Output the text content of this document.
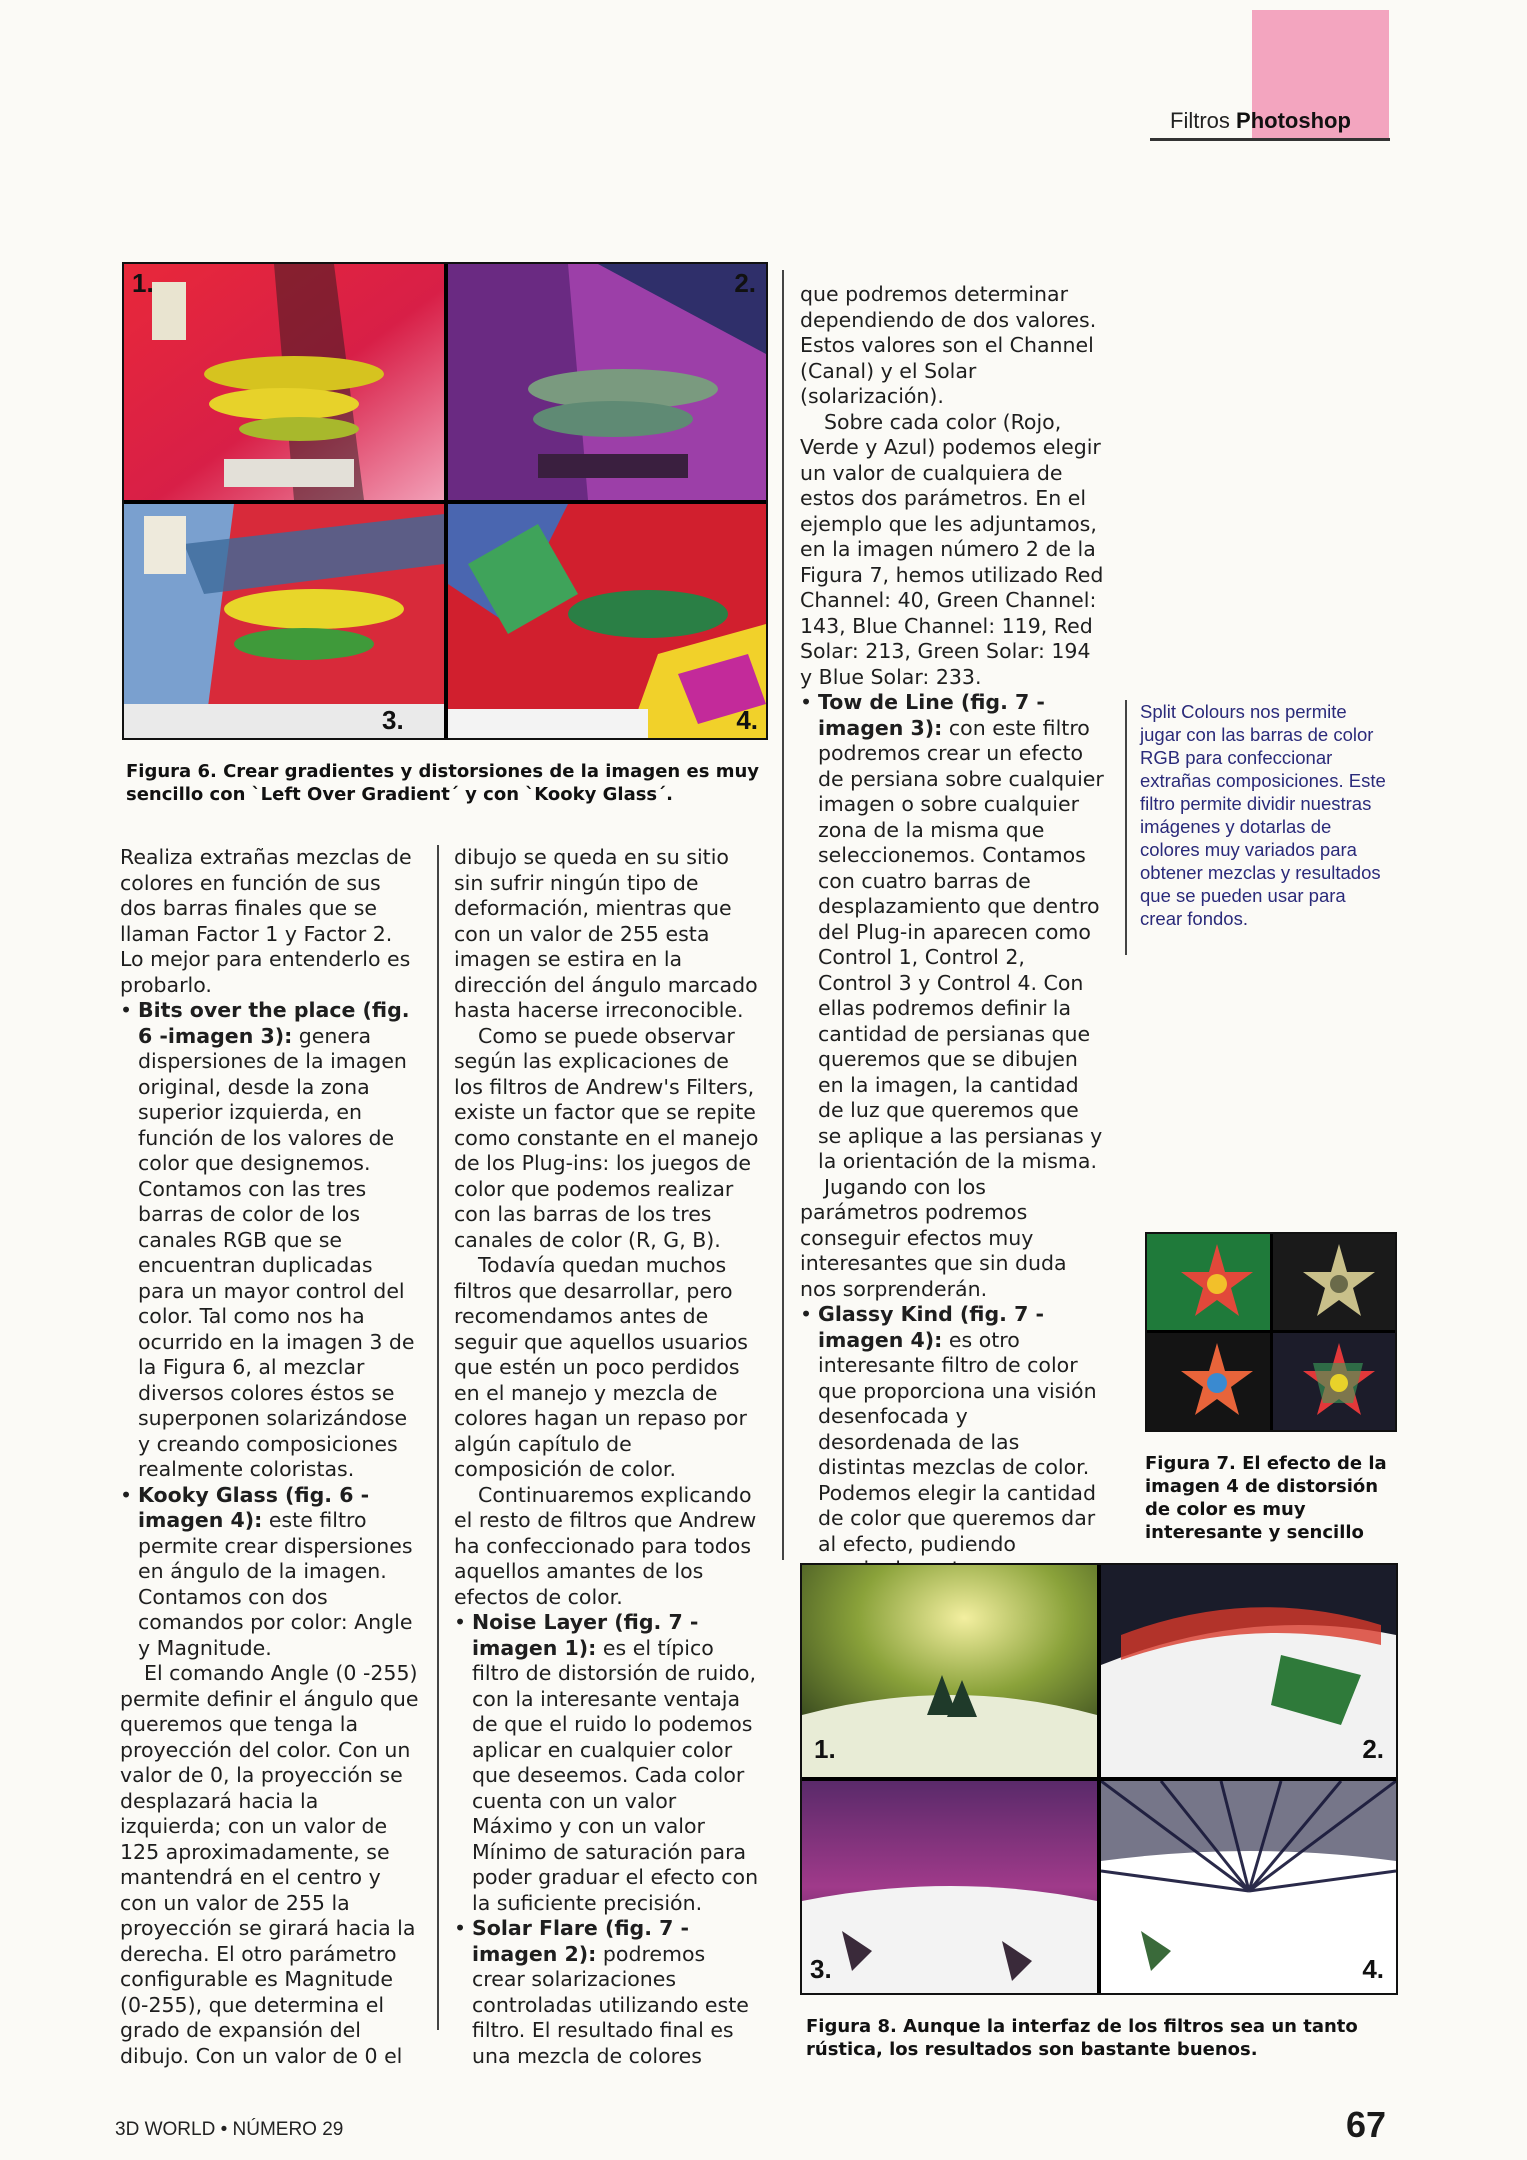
Filtros Photoshop
1.	2.
3.	4.
Figura 6. Crear gradientes y distorsiones de la imagen es muy sencillo con `Left Over Gradient´ y con `Kooky Glass´.

Realiza extrañas mezclas de colores en función de sus dos barras finales que se llaman Factor 1 y Factor 2. Lo mejor para entenderlo es probarlo.

• Bits over the place (fig. 6 -imagen 3): genera dispersiones de la imagen original, desde la zona superior izquierda, en función de los valores de color que designemos. Contamos con las tres barras de color de los canales RGB que se encuentran duplicadas para un mayor control del color. Tal como nos ha ocurrido en la imagen 3 de la Figura 6, al mezclar diversos colores éstos se superponen solarizándose y creando composiciones realmente coloristas.

• Kooky Glass (fig. 6 -imagen 4): este filtro permite crear dispersiones en ángulo de la imagen. Contamos con dos comandos por color: Angle y Magnitude.

El comando Angle (0 -255) permite definir el ángulo que queremos que tenga la proyección del color. Con un valor de 0, la proyección se desplazará hacia la izquierda; con un valor de 125 aproximadamente, se mantendrá en el centro y con un valor de 255 la proyección se girará hacia la derecha. El otro parámetro configurable es Magnitude (0-255), que determina el grado de expansión del dibujo. Con un valor de 0 el

dibujo se queda en su sitio sin sufrir ningún tipo de deformación, mientras que con un valor de 255 esta imagen se estira en la dirección del ángulo marcado hasta hacerse irreconocible.

Como se puede observar según las explicaciones de los filtros de Andrew's Filters, existe un factor que se repite como constante en el manejo de los Plug-ins: los juegos de color que podemos realizar con las barras de los tres canales de color (R, G, B).

Todavía quedan muchos filtros que desarrollar, pero recomendamos antes de seguir que aquellos usuarios que estén un poco perdidos en el manejo y mezcla de colores hagan un repaso por algún capítulo de composición de color.

Continuaremos explicando el resto de filtros que Andrew ha confeccionado para todos aquellos amantes de los efectos de color.

• Noise Layer (fig. 7 -imagen 1): es el típico filtro de distorsión de ruido, con la interesante ventaja de que el ruido lo podemos aplicar en cualquier color que deseemos. Cada color cuenta con un valor Máximo y con un valor Mínimo de saturación para poder graduar el efecto con la suficiente precisión.

• Solar Flare (fig. 7 -imagen 2): podremos crear solarizaciones controladas utilizando este filtro. El resultado final es una mezcla de colores

que podremos determinar dependiendo de dos valores. Estos valores son el Channel (Canal) y el Solar (solarización).

Sobre cada color (Rojo, Verde y Azul) podemos elegir un valor de cualquiera de estos dos parámetros. En el ejemplo que les adjuntamos, en la imagen número 2 de la Figura 7, hemos utilizado Red Channel: 40, Green Channel: 143, Blue Channel: 119, Red Solar: 213, Green Solar: 194 y Blue Solar: 233.

• Tow de Line (fig. 7 -imagen 3): con este filtro podremos crear un efecto de persiana sobre cualquier imagen o sobre cualquier zona de la misma que seleccionemos. Contamos con cuatro barras de desplazamiento que dentro del Plug-in aparecen como Control 1, Control 2, Control 3 y Control 4. Con ellas podremos definir la cantidad de persianas que queremos que se dibujen en la imagen, la cantidad de luz que queremos que se aplique a las persianas y la orientación de la misma.

Jugando con los parámetros podremos conseguir efectos muy interesantes que sin duda nos sorprenderán.

• Glassy Kind (fig. 7 -imagen 4): es otro interesante filtro de color que proporciona una visión desenfocada y desordenada de las distintas mezclas de color. Podemos elegir la cantidad de color que queremos dar al efecto, pudiendo

Split Colours nos permite jugar con las barras de color RGB para confeccionar extrañas composiciones. Este filtro permite dividir nuestras imágenes y dotarlas de colores muy variados para obtener mezclas y resultados que se pueden usar para crear fondos.
Figura 7. El efecto de la imagen 4 de distorsión de color es muy interesante y sencillo
1.	2.
3.	4.
Figura 8. Aunque la interfaz de los filtros sea un tanto rústica, los resultados son bastante buenos.
3D WORLD • NÚMERO 29	67
